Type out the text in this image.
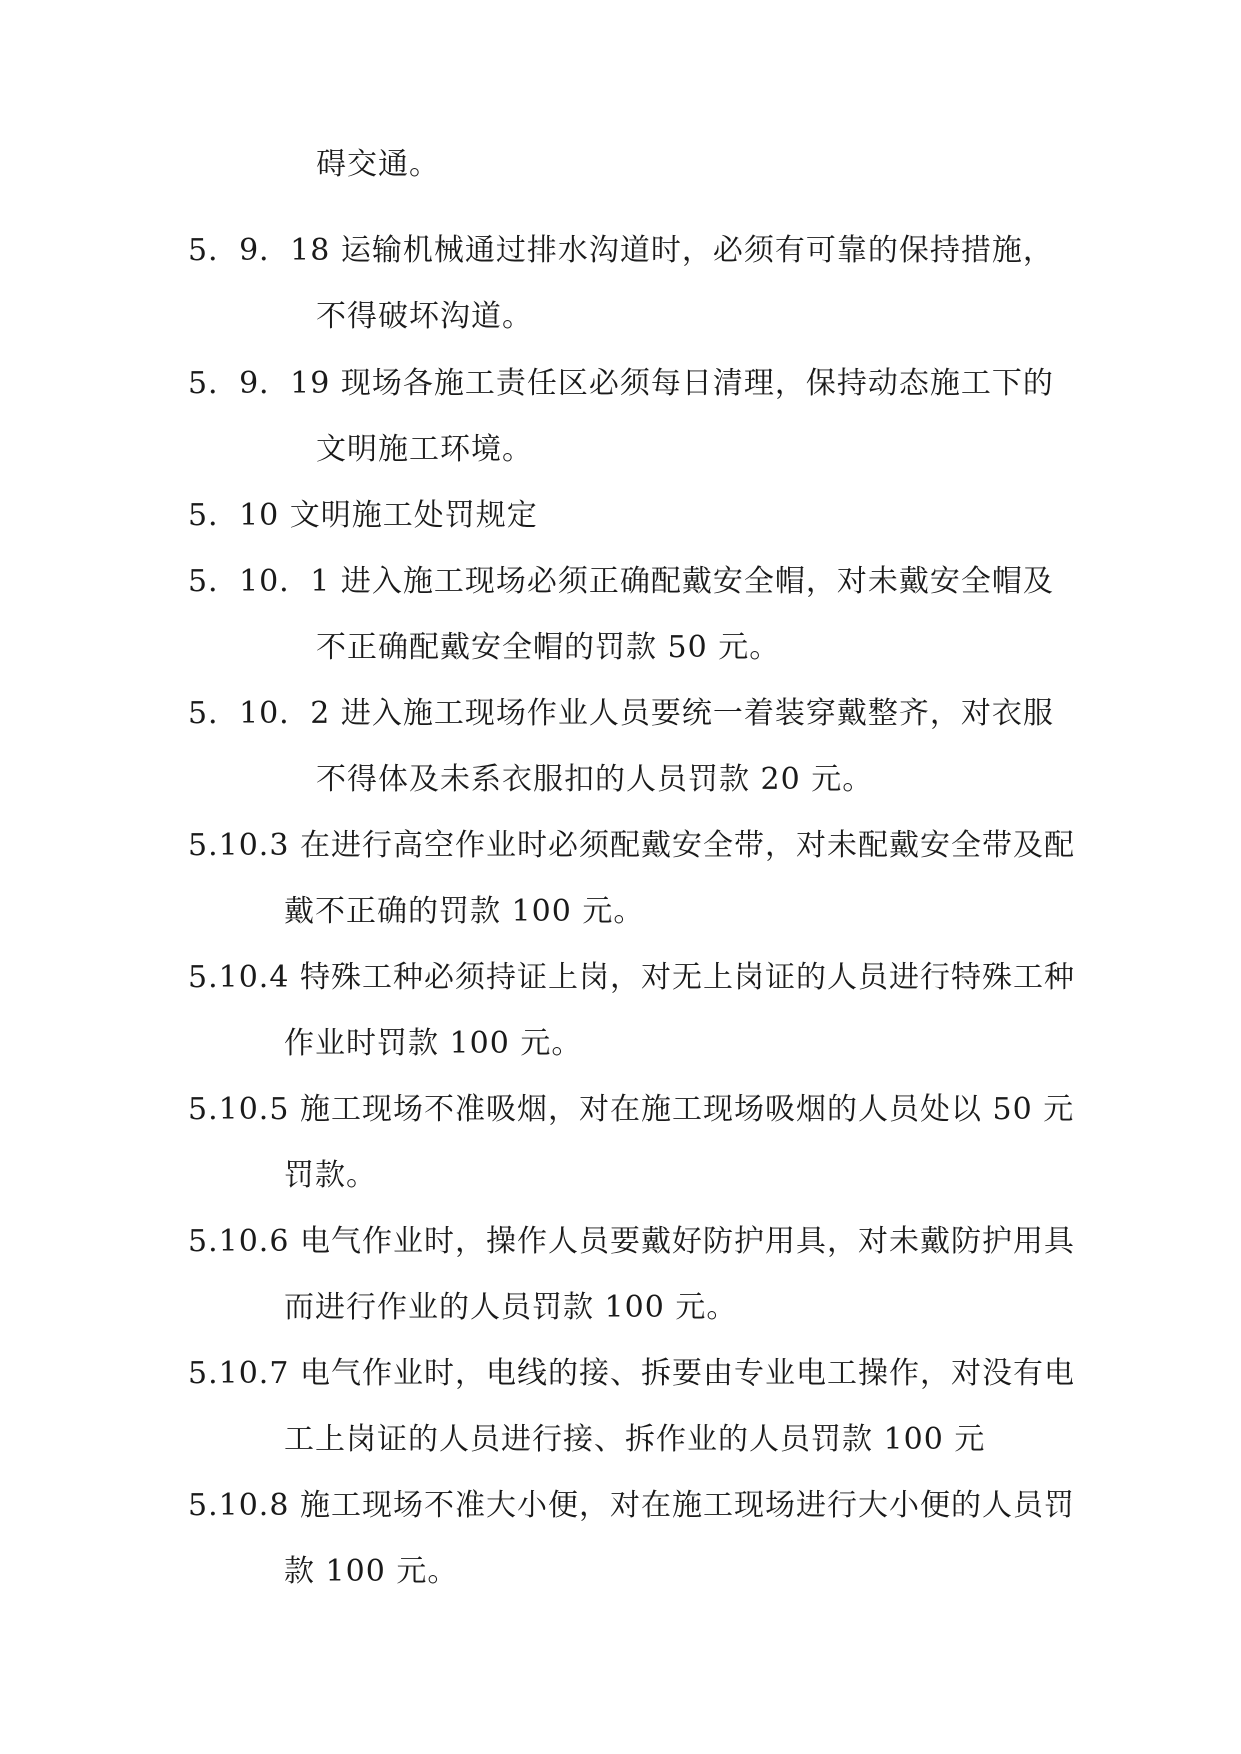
碍交通。
5．9．18 运输机械通过排水沟道时，必须有可靠的保持措施，
不得破坏沟道。
5．9．19 现场各施工责任区必须每日清理，保持动态施工下的
文明施工环境。
5．10 文明施工处罚规定
5．10．1 进入施工现场必须正确配戴安全帽，对未戴安全帽及
不正确配戴安全帽的罚款 50 元。
5．10．2 进入施工现场作业人员要统一着装穿戴整齐，对衣服
不得体及未系衣服扣的人员罚款 20 元。
5.10.3 在进行高空作业时必须配戴安全带，对未配戴安全带及配
戴不正确的罚款 100 元。
5.10.4 特殊工种必须持证上岗，对无上岗证的人员进行特殊工种
作业时罚款 100 元。
5.10.5 施工现场不准吸烟，对在施工现场吸烟的人员处以 50 元
罚款。
5.10.6 电气作业时，操作人员要戴好防护用具，对未戴防护用具
而进行作业的人员罚款 100 元。
5.10.7 电气作业时，电线的接、拆要由专业电工操作，对没有电
工上岗证的人员进行接、拆作业的人员罚款 100 元
5.10.8 施工现场不准大小便，对在施工现场进行大小便的人员罚
款 100 元。
